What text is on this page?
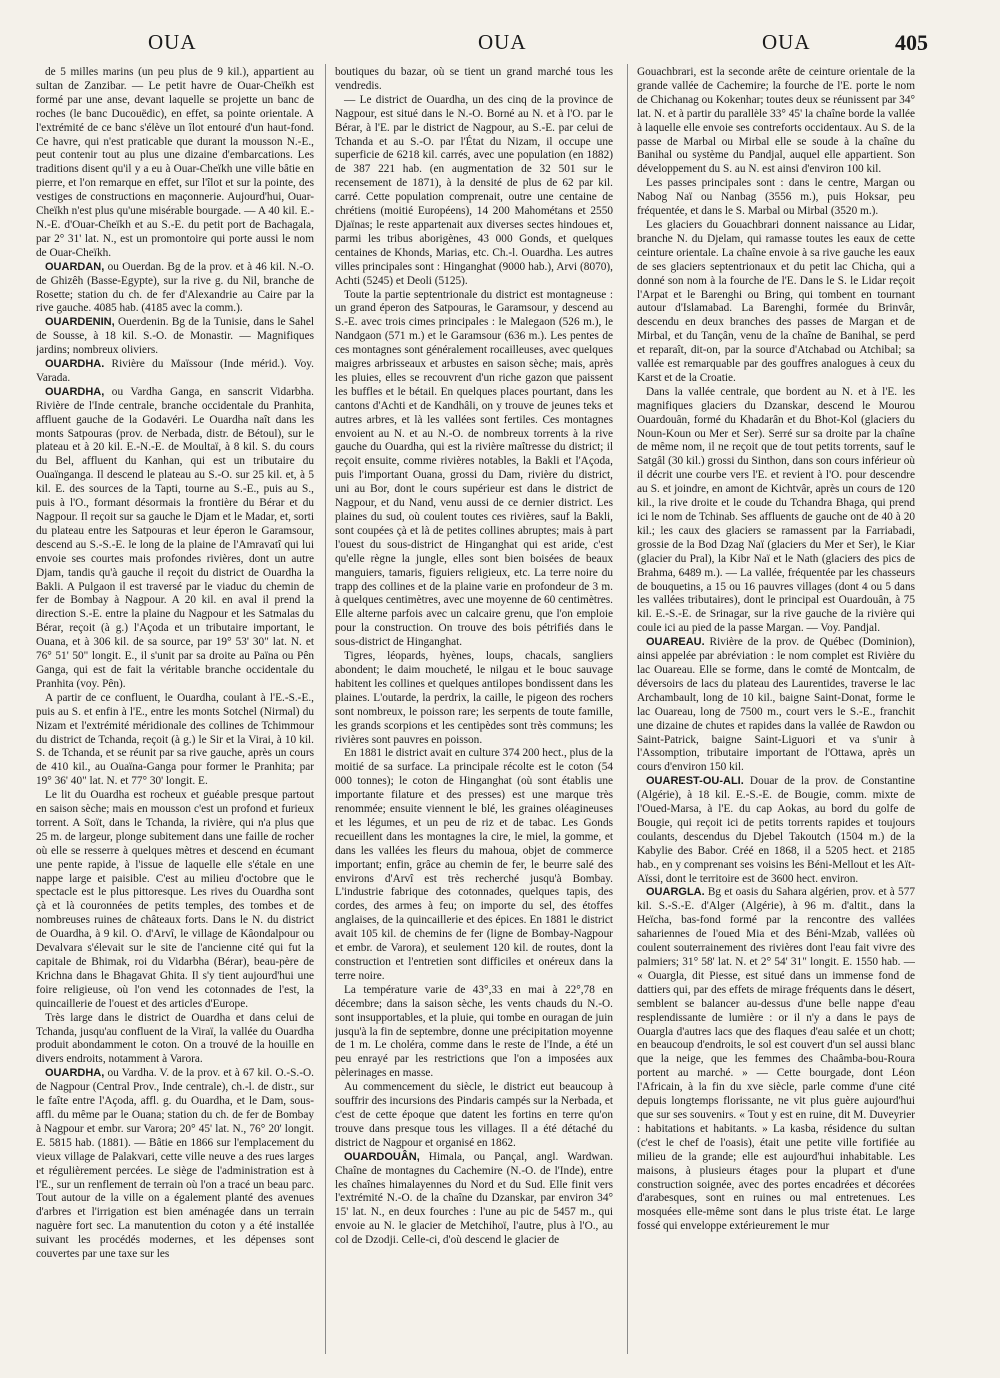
OUA	OUA	OUA	405

de 5 milles marins (un peu plus de 9 kil.), appartient au sultan de Zanzibar. — Le petit havre de Ouar-Cheïkh est formé par une anse, devant laquelle se projette un banc de roches (le banc Ducouëdic), en effet, sa pointe orientale. A l'extrémité de ce banc s'élève un îlot entouré d'un haut-fond. Ce havre, qui n'est praticable que durant la mousson N.-E., peut contenir tout au plus une dizaine d'embarcations. Les traditions disent qu'il y a eu à Ouar-Cheïkh une ville bâtie en pierre, et l'on remarque en effet, sur l'îlot et sur la pointe, des vestiges de constructions en maçonnerie. Aujourd'hui, Ouar-Cheïkh n'est plus qu'une misérable bourgade. — A 40 kil. E.-N.-E. d'Ouar-Cheïkh et au S.-E. du petit port de Bachagala, par 2° 31' lat. N., est un promontoire qui porte aussi le nom de Ouar-Cheïkh.

OUARDAN, ou Ouerdan. Bg de la prov. et à 46 kil. N.-O. de Ghizêh (Basse-Egypte), sur la rive g. du Nil, branche de Rosette; station du ch. de fer d'Alexandrie au Caire par la rive gauche. 4085 hab. (4185 avec la comm.).

OUARDENIN, Ouerdenin. Bg de la Tunisie, dans le Sahel de Sousse, à 18 kil. S.-O. de Monastir. — Magnifiques jardins; nombreux oliviers.

OUARDHA. Rivière du Maïssour (Inde mérid.). Voy. Varada.

OUARDHA, ou Vardha Ganga, en sanscrit Vidarbha. Rivière de l'Inde centrale, branche occidentale du Pranhita, affluent gauche de la Godavéri. Le Ouardha naît dans les monts Satpouras (prov. de Nerbada, distr. de Bétoul), sur le plateau et à 20 kil. E.-N.-E. de Moultaï, à 8 kil. S. du cours du Bel, affluent du Kanhan, qui est un tributaire du Ouaïnganga. Il descend le plateau au S.-O. sur 25 kil. et, à 5 kil. E. des sources de la Tapti, tourne au S.-E., puis au S., puis à l'O., formant désormais la frontière du Bérar et du Nagpour. Il reçoit sur sa gauche le Djam et le Madar, et, sorti du plateau entre les Satpouras et leur éperon le Garamsour, descend au S.-S.-E. le long de la plaine de l'Amravatî qui lui envoie ses courtes mais profondes rivières, dont un autre Djam, tandis qu'à gauche il reçoit du district de Ouardha la Bakli. A Pulgaon il est traversé par le viaduc du chemin de fer de Bombay à Nagpour. A 20 kil. en aval il prend la direction S.-E. entre la plaine du Nagpour et les Satmalas du Bérar, reçoit (à g.) l'Açoda et un tributaire important, le Ouana, et à 306 kil. de sa source, par 19° 53' 30" lat. N. et 76° 51' 50" longit. E., il s'unit par sa droite au Païna ou Pên Ganga, qui est de fait la véritable branche occidentale du Pranhita (voy. Pên).

A partir de ce confluent, le Ouardha, coulant à l'E.-S.-E., puis au S. et enfin à l'E., entre les monts Sotchel (Nirmal) du Nizam et l'extrémité méridionale des collines de Tchimmour du district de Tchanda, reçoit (à g.) le Sir et la Virai, à 10 kil. S. de Tchanda, et se réunit par sa rive gauche, après un cours de 410 kil., au Ouaïna-Ganga pour former le Pranhita; par 19° 36' 40" lat. N. et 77° 30' longit. E.

Le lit du Ouardha est rocheux et guéable presque partout en saison sèche; mais en mousson c'est un profond et furieux torrent. A Soït, dans le Tchanda, la rivière, qui n'a plus que 25 m. de largeur, plonge subitement dans une faille de rocher où elle se resserre à quelques mètres et descend en écumant une pente rapide, à l'issue de laquelle elle s'étale en une nappe large et paisible. C'est au milieu d'octobre que le spectacle est le plus pittoresque. Les rives du Ouardha sont çà et là couronnées de petits temples, des tombes et de nombreuses ruines de châteaux forts. Dans le N. du district de Ouardha, à 9 kil. O. d'Arvî, le village de Kâondalpour ou Devalvara s'élevait sur le site de l'ancienne cité qui fut la capitale de Bhimak, roi du Vidarbha (Bérar), beau-père de Krichna dans le Bhagavat Ghita. Il s'y tient aujourd'hui une foire religieuse, où l'on vend les cotonnades de l'est, la quincaillerie de l'ouest et des articles d'Europe.

Très large dans le district de Ouardha et dans celui de Tchanda, jusqu'au confluent de la Viraï, la vallée du Ouardha produit abondamment le coton. On a trouvé de la houille en divers endroits, notamment à Varora.

OUARDHA, ou Vardha. V. de la prov. et à 67 kil. O.-S.-O. de Nagpour (Central Prov., Inde centrale), ch.-l. de distr., sur le faîte entre l'Açoda, affl. g. du Ouardha, et le Dam, sous-affl. du même par le Ouana; station du ch. de fer de Bombay à Nagpour et embr. sur Varora; 20° 45' lat. N., 76° 20' longit. E. 5815 hab. (1881). — Bâtie en 1866 sur l'emplacement du vieux village de Palakvari, cette ville neuve a des rues larges et régulièrement percées. Le siège de l'administration est à l'E., sur un renflement de terrain où l'on a tracé un beau parc. Tout autour de la ville on a également planté des avenues d'arbres et l'irrigation est bien aménagée dans un terrain naguère fort sec. La manutention du coton y a été installée suivant les procédés modernes, et les dépenses sont couvertes par une taxe sur les

boutiques du bazar, où se tient un grand marché tous les vendredis.

— Le district de Ouardha, un des cinq de la province de Nagpour, est situé dans le N.-O. Borné au N. et à l'O. par le Bérar, à l'E. par le district de Nagpour, au S.-E. par celui de Tchanda et au S.-O. par l'État du Nizam, il occupe une superficie de 6218 kil. carrés, avec une population (en 1882) de 387 221 hab. (en augmentation de 32 501 sur le recensement de 1871), à la densité de plus de 62 par kil. carré. Cette population comprenait, outre une centaine de chrétiens (moitié Européens), 14 200 Mahométans et 2550 Djaïnas; le reste appartenait aux diverses sectes hindoues et, parmi les tribus aborigènes, 43 000 Gonds, et quelques centaines de Khonds, Marias, etc. Ch.-l. Ouardha. Les autres villes principales sont : Hinganghat (9000 hab.), Arvi (8070), Achti (5245) et Deoli (5125).

Toute la partie septentrionale du district est montagneuse : un grand éperon des Satpouras, le Garamsour, y descend au S.-E. avec trois cimes principales : le Malegaon (526 m.), le Nandgaon (571 m.) et le Garamsour (636 m.). Les pentes de ces montagnes sont généralement rocailleuses, avec quelques maigres arbrisseaux et arbustes en saison sèche; mais, après les pluies, elles se recouvrent d'un riche gazon que paissent les buffles et le bétail. En quelques places pourtant, dans les cantons d'Achti et de Kandhâli, on y trouve de jeunes teks et autres arbres, et là les vallées sont fertiles. Ces montagnes envoient au N. et au N.-O. de nombreux torrents à la rive gauche du Ouardha, qui est la rivière maîtresse du district; il reçoit ensuite, comme rivières notables, la Bakli et l'Açoda, puis l'important Ouana, grossi du Dam, rivière du district, uni au Bor, dont le cours supérieur est dans le district de Nagpour, et du Nand, venu aussi de ce dernier district. Les plaines du sud, où coulent toutes ces rivières, sauf la Bakli, sont coupées çà et là de petites collines abruptes; mais à part l'ouest du sous-district de Hinganghat qui est aride, c'est qu'elle règne la jungle, elles sont bien boisées de beaux manguiers, tamaris, figuiers religieux, etc. La terre noire du trapp des collines et de la plaine varie en profondeur de 3 m. à quelques centimètres, avec une moyenne de 60 centimètres. Elle alterne parfois avec un calcaire grenu, que l'on emploie pour la construction. On trouve des bois pétrifiés dans le sous-district de Hinganghat.

Tigres, léopards, hyènes, loups, chacals, sangliers abondent; le daim moucheté, le nilgau et le bouc sauvage habitent les collines et quelques antilopes bondissent dans les plaines. L'outarde, la perdrix, la caille, le pigeon des rochers sont nombreux, le poisson rare; les serpents de toute famille, les grands scorpions et les centipèdes sont très communs; les rivières sont pauvres en poisson.

En 1881 le district avait en culture 374 200 hect., plus de la moitié de sa surface. La principale récolte est le coton (54 000 tonnes); le coton de Hinganghat (où sont établis une importante filature et des presses) est une marque très renommée; ensuite viennent le blé, les graines oléagineuses et les légumes, et un peu de riz et de tabac. Les Gonds recueillent dans les montagnes la cire, le miel, la gomme, et dans les vallées les fleurs du mahoua, objet de commerce important; enfin, grâce au chemin de fer, le beurre salé des environs d'Arvî est très recherché jusqu'à Bombay. L'industrie fabrique des cotonnades, quelques tapis, des cordes, des armes à feu; on importe du sel, des étoffes anglaises, de la quincaillerie et des épices. En 1881 le district avait 105 kil. de chemins de fer (ligne de Bombay-Nagpour et embr. de Varora), et seulement 120 kil. de routes, dont la construction et l'entretien sont difficiles et onéreux dans la terre noire.

La température varie de 43°,33 en mai à 22°,78 en décembre; dans la saison sèche, les vents chauds du N.-O. sont insupportables, et la pluie, qui tombe en ouragan de juin jusqu'à la fin de septembre, donne une précipitation moyenne de 1 m. Le choléra, comme dans le reste de l'Inde, a été un peu enrayé par les restrictions que l'on a imposées aux pèlerinages en masse.

Au commencement du siècle, le district eut beaucoup à souffrir des incursions des Pindaris campés sur la Nerbada, et c'est de cette époque que datent les fortins en terre qu'on trouve dans presque tous les villages. Il a été détaché du district de Nagpour et organisé en 1862.

OUARDOUÂN, Himala, ou Pançal, angl. Wardwan. Chaîne de montagnes du Cachemire (N.-O. de l'Inde), entre les chaînes himalayennes du Nord et du Sud. Elle finit vers l'extrémité N.-O. de la chaîne du Dzanskar, par environ 34° 15' lat. N., en deux fourches : l'une au pic de 5457 m., qui envoie au N. le glacier de Metchihoï, l'autre, plus à l'O., au col de Dzodji. Celle-ci, d'où descend le glacier de

Gouachbrari, est la seconde arête de ceinture orientale de la grande vallée de Cachemire; la fourche de l'E. porte le nom de Chichanag ou Kokenhar; toutes deux se réunissent par 34° lat. N. et à partir du parallèle 33° 45' la chaîne borde la vallée à laquelle elle envoie ses contreforts occidentaux. Au S. de la passe de Marbal ou Mirbal elle se soude à la chaîne du Banihal ou système du Pandjal, auquel elle appartient. Son développement du S. au N. est ainsi d'environ 100 kil.

Les passes principales sont : dans le centre, Margan ou Nabog Naï ou Nanbag (3556 m.), puis Hoksar, peu fréquentée, et dans le S. Marbal ou Mirbal (3520 m.).

Les glaciers du Gouachbrari donnent naissance au Lidar, branche N. du Djelam, qui ramasse toutes les eaux de cette ceinture orientale. La chaîne envoie à sa rive gauche les eaux de ses glaciers septentrionaux et du petit lac Chicha, qui a donné son nom à la fourche de l'E. Dans le S. le Lidar reçoit l'Arpat et le Barenghi ou Bring, qui tombent en tournant autour d'Islamabad. La Barenghi, formée du Brinvâr, descendu en deux branches des passes de Margan et de Mirbal, et du Tançân, venu de la chaîne de Banihal, se perd et reparaît, dit-on, par la source d'Atchabad ou Atchibal; sa vallée est remarquable par des gouffres analogues à ceux du Karst et de la Croatie.

Dans la vallée centrale, que bordent au N. et à l'E. les magnifiques glaciers du Dzanskar, descend le Mourou Ouardouân, formé du Khadarân et du Bhot-Kol (glaciers du Noun-Koun ou Mer et Ser). Serré sur sa droite par la chaîne de même nom, il ne reçoit que de tout petits torrents, sauf le Satgâl (30 kil.) grossi du Sinthon, dans son cours inférieur où il décrit une courbe vers l'E. et revient à l'O. pour descendre au S. et joindre, en amont de Kichtvâr, après un cours de 120 kil., la rive droite et le coude du Tchandra Bhaga, qui prend ici le nom de Tchinab. Ses affluents de gauche ont de 40 à 20 kil.; les caux des glaciers se ramassent par la Farriabadi, grossie de la Bod Dzag Naï (glaciers du Mer et Ser), le Kiar (glacier du Pral), la Kibr Naï et le Nath (glaciers des pics de Brahma, 6489 m.). — La vallée, fréquentée par les chasseurs de bouquetins, a 15 ou 16 pauvres villages (dont 4 ou 5 dans les vallées tributaires), dont le principal est Ouardouân, à 75 kil. E.-S.-E. de Srinagar, sur la rive gauche de la rivière qui coule ici au pied de la passe Margan. — Voy. Pandjal.

OUAREAU. Rivière de la prov. de Québec (Dominion), ainsi appelée par abréviation : le nom complet est Rivière du lac Ouareau. Elle se forme, dans le comté de Montcalm, de déversoirs de lacs du plateau des Laurentides, traverse le lac Archambault, long de 10 kil., baigne Saint-Donat, forme le lac Ouareau, long de 7500 m., court vers le S.-E., franchit une dizaine de chutes et rapides dans la vallée de Rawdon ou Saint-Patrick, baigne Saint-Liguori et va s'unir à l'Assomption, tributaire important de l'Ottawa, après un cours d'environ 150 kil.

OUAREST-OU-ALI. Douar de la prov. de Constantine (Algérie), à 18 kil. E.-S.-E. de Bougie, comm. mixte de l'Oued-Marsa, à l'E. du cap Aokas, au bord du golfe de Bougie, qui reçoit ici de petits torrents rapides et toujours coulants, descendus du Djebel Takoutch (1504 m.) de la Kabylie des Babor. Créé en 1868, il a 5205 hect. et 2185 hab., en y comprenant ses voisins les Béni-Mellout et les Aït-Aïssi, dont le territoire est de 3600 hect. environ.

OUARGLA. Bg et oasis du Sahara algérien, prov. et à 577 kil. S.-S.-E. d'Alger (Algérie), à 96 m. d'altit., dans la Heïcha, bas-fond formé par la rencontre des vallées sahariennes de l'oued Mia et des Béni-Mzab, vallées où coulent souterrainement des rivières dont l'eau fait vivre des palmiers; 31° 58' lat. N. et 2° 54' 31" longit. E. 1550 hab. — « Ouargla, dit Piesse, est situé dans un immense fond de dattiers qui, par des effets de mirage fréquents dans le désert, semblent se balancer au-dessus d'une belle nappe d'eau resplendissante de lumière : or il n'y a dans le pays de Ouargla d'autres lacs que des flaques d'eau salée et un chott; en beaucoup d'endroits, le sol est couvert d'un sel aussi blanc que la neige, que les femmes des Chaâmba-bou-Roura portent au marché. » — Cette bourgade, dont Léon l'Africain, à la fin du xve siècle, parle comme d'une cité depuis longtemps florissante, ne vit plus guère aujourd'hui que sur ses souvenirs. « Tout y est en ruine, dit M. Duveyrier : habitations et habitants. » La kasba, résidence du sultan (c'est le chef de l'oasis), était une petite ville fortifiée au milieu de la grande; elle est aujourd'hui inhabitable. Les maisons, à plusieurs étages pour la plupart et d'une construction soignée, avec des portes encadrées et décorées d'arabesques, sont en ruines ou mal entretenues. Les mosquées elle-même sont dans le plus triste état. Le large fossé qui enveloppe extérieurement le mur
